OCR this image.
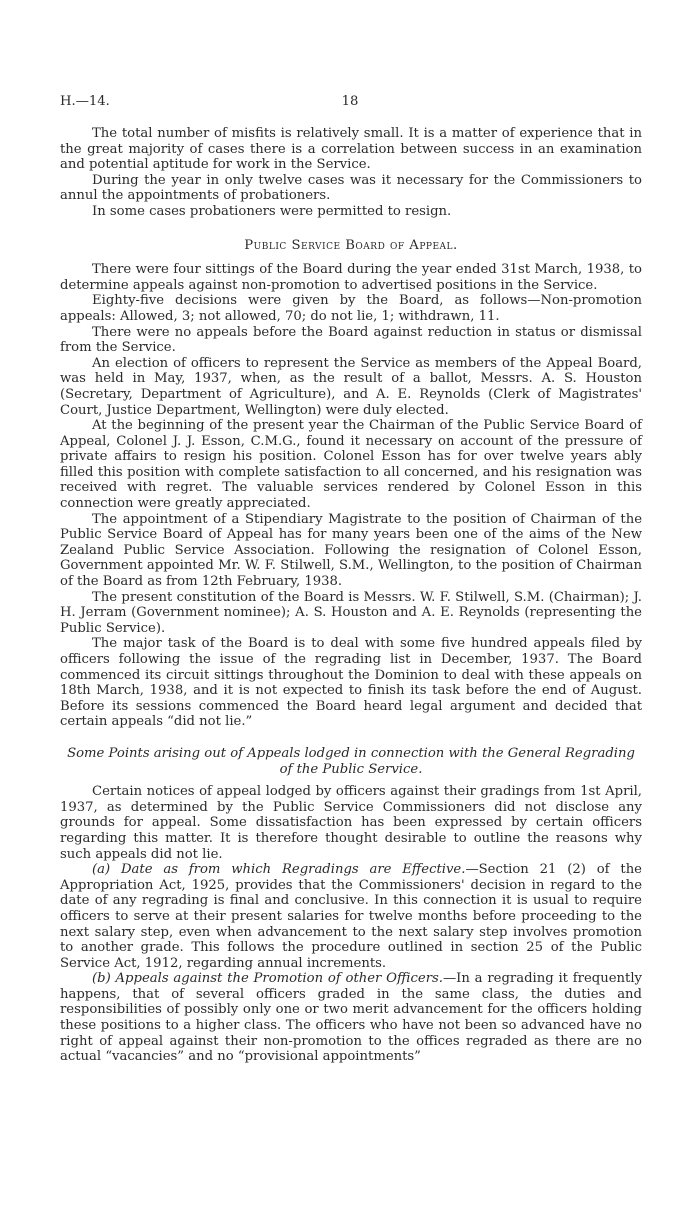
H.—14.	18

The total number of misfits is relatively small. It is a matter of experience that in the great majority of cases there is a correlation between success in an examination and potential aptitude for work in the Service.

During the year in only twelve cases was it necessary for the Commissioners to annul the appointments of probationers.

In some cases probationers were permitted to resign.

Public Service Board of Appeal.

There were four sittings of the Board during the year ended 31st March, 1938, to determine appeals against non-promotion to advertised positions in the Service.

Eighty-five decisions were given by the Board, as follows—Non-promotion appeals: Allowed, 3; not allowed, 70; do not lie, 1; withdrawn, 11.

There were no appeals before the Board against reduction in status or dismissal from the Service.

An election of officers to represent the Service as members of the Appeal Board, was held in May, 1937, when, as the result of a ballot, Messrs. A. S. Houston (Secretary, Department of Agriculture), and A. E. Reynolds (Clerk of Magistrates' Court, Justice Department, Wellington) were duly elected.

At the beginning of the present year the Chairman of the Public Service Board of Appeal, Colonel J. J. Esson, C.M.G., found it necessary on account of the pressure of private affairs to resign his position. Colonel Esson has for over twelve years ably filled this position with complete satisfaction to all concerned, and his resignation was received with regret. The valuable services rendered by Colonel Esson in this connection were greatly appreciated.

The appointment of a Stipendiary Magistrate to the position of Chairman of the Public Service Board of Appeal has for many years been one of the aims of the New Zealand Public Service Association. Following the resignation of Colonel Esson, Government appointed Mr. W. F. Stilwell, S.M., Wellington, to the position of Chairman of the Board as from 12th February, 1938.

The present constitution of the Board is Messrs. W. F. Stilwell, S.M. (Chairman); J. H. Jerram (Government nominee); A. S. Houston and A. E. Reynolds (representing the Public Service).

The major task of the Board is to deal with some five hundred appeals filed by officers following the issue of the regrading list in December, 1937. The Board commenced its circuit sittings throughout the Dominion to deal with these appeals on 18th March, 1938, and it is not expected to finish its task before the end of August. Before its sessions commenced the Board heard legal argument and decided that certain appeals “did not lie.”

Some Points arising out of Appeals lodged in connection with the General Regrading
of the Public Service.

Certain notices of appeal lodged by officers against their gradings from 1st April, 1937, as determined by the Public Service Commissioners did not disclose any grounds for appeal. Some dissatisfaction has been expressed by certain officers regarding this matter. It is therefore thought desirable to outline the reasons why such appeals did not lie.

(a) Date as from which Regradings are Effective.—Section 21 (2) of the Appropriation Act, 1925, provides that the Commissioners' decision in regard to the date of any regrading is final and conclusive. In this connection it is usual to require officers to serve at their present salaries for twelve months before proceeding to the next salary step, even when advancement to the next salary step involves promotion to another grade. This follows the procedure outlined in section 25 of the Public Service Act, 1912, regarding annual increments.

(b) Appeals against the Promotion of other Officers.—In a regrading it frequently happens, that of several officers graded in the same class, the duties and responsibilities of possibly only one or two merit advancement for the officers holding these positions to a higher class. The officers who have not been so advanced have no right of appeal against their non-promotion to the offices regraded as there are no actual “vacancies” and no “provisional appointments”
